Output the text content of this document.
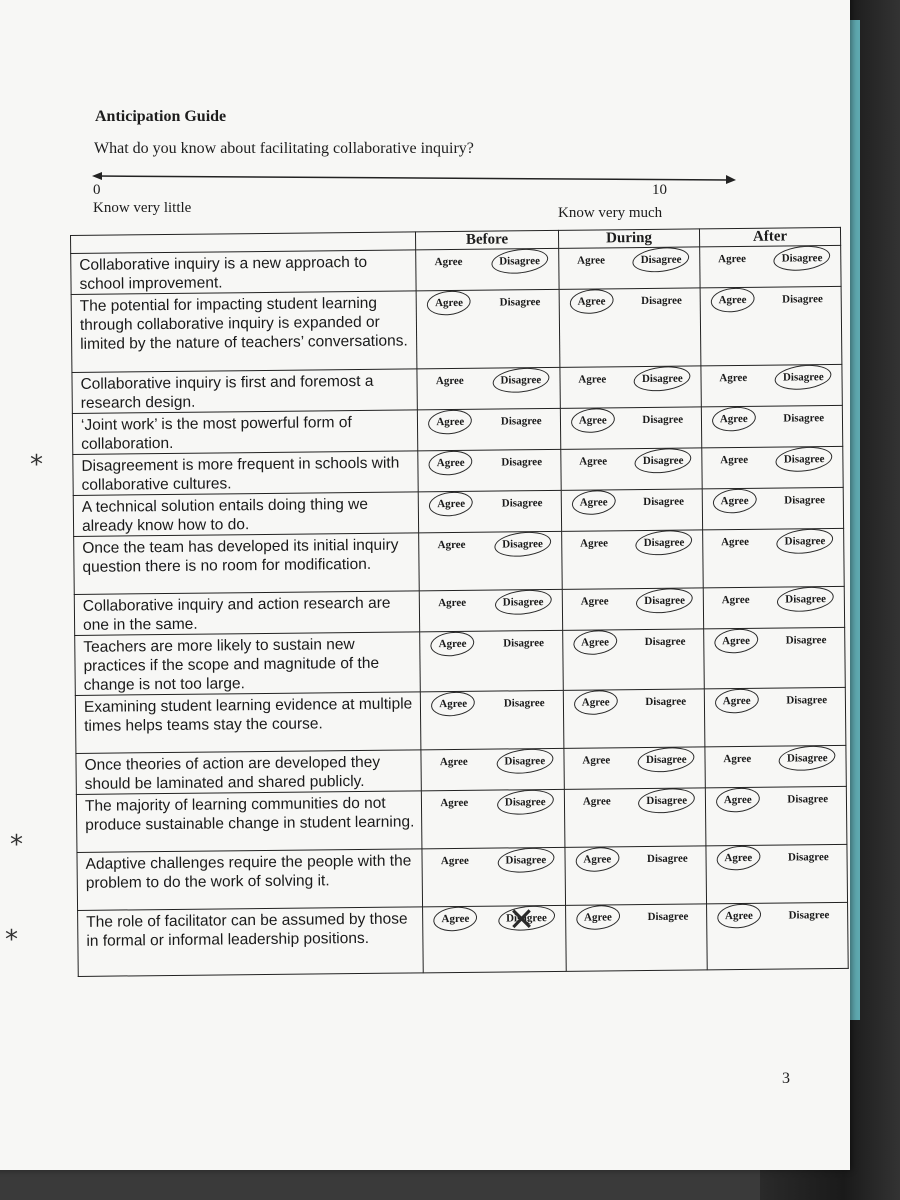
Anticipation Guide
What do you know about facilitating collaborative inquiry?
0	10
Know very little	Know very much
	Before	During	After
Collaborative inquiry is a new approach to school improvement.	Agree Disagree	Agree Disagree	Agree Disagree

The potential for impacting student learning through collaborative inquiry is expanded or limited by the nature of teachers’ conversations.	Agree Disagree	Agree Disagree	Agree Disagree

Collaborative inquiry is first and foremost a research design.	Agree Disagree	Agree Disagree	Agree Disagree

‘Joint work’ is the most powerful form of collaboration.	Agree Disagree	Agree Disagree	Agree Disagree

Disagreement is more frequent in schools with collaborative cultures.	Agree Disagree	Agree Disagree	Agree Disagree

A technical solution entails doing thing we already know how to do.	Agree Disagree	Agree Disagree	Agree Disagree

Once the team has developed its initial inquiry question there is no room for modification.	Agree Disagree	Agree Disagree	Agree Disagree

Collaborative inquiry and action research are one in the same.	Agree Disagree	Agree Disagree	Agree Disagree

Teachers are more likely to sustain new practices if the scope and magnitude of the change is not too large.	Agree Disagree	Agree Disagree	Agree Disagree

Examining student learning evidence at multiple times helps teams stay the course.	Agree Disagree	Agree Disagree	Agree Disagree

Once theories of action are developed they should be laminated and shared publicly.	Agree Disagree	Agree Disagree	Agree Disagree

The majority of learning communities do not produce sustainable change in student learning.	Agree Disagree	Agree Disagree	Agree Disagree

Adaptive challenges require the people with the problem to do the work of solving it.	Agree Disagree	Agree Disagree	Agree Disagree

The role of facilitator can be assumed by those in formal or informal leadership positions.	Agree ✕ Disagree	Agree Disagree	Agree Disagree
*
*
*
3
